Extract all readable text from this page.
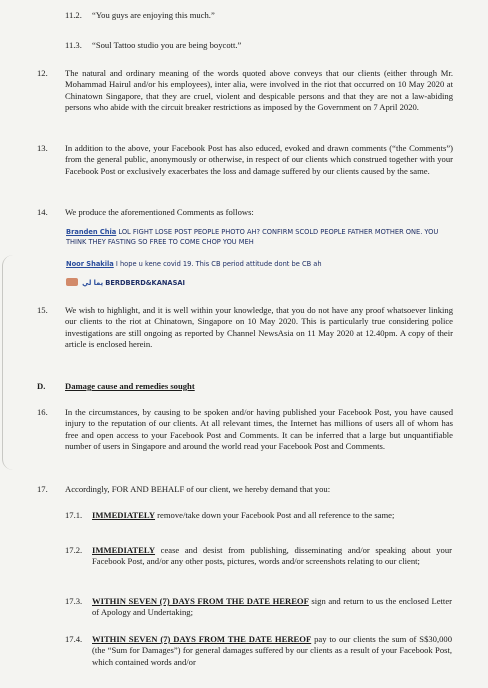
11.2. “You guys are enjoying this much.”
11.3. “Soul Tattoo studio you are being boycott.”
12. The natural and ordinary meaning of the words quoted above conveys that our clients (either through Mr. Mohammad Hairul and/or his employees), inter alia, were involved in the riot that occurred on 10 May 2020 at Chinatown Singapore, that they are cruel, violent and despicable persons and that they are not a law-abiding persons who abide with the circuit breaker restrictions as imposed by the Government on 7 April 2020.
13. In addition to the above, your Facebook Post has also educed, evoked and drawn comments (“the Comments”) from the general public, anonymously or otherwise, in respect of our clients which construed together with your Facebook Post or exclusively exacerbates the loss and damage suffered by our clients caused by the same.
14. We produce the aforementioned Comments as follows:
Branden Chia LOL FIGHT LOSE POST PEOPLE PHOTO AH? CONFIRM SCOLD PEOPLE FATHER MOTHER ONE. YOU THINK THEY FASTING SO FREE TO COME CHOP YOU MEH
Noor Shakila I hope u kene covid 19. This CB period attitude dont be CB ah
يما لي BERDBERD&KANASAI
15. We wish to highlight, and it is well within your knowledge, that you do not have any proof whatsoever linking our clients to the riot at Chinatown, Singapore on 10 May 2020. This is particularly true considering police investigations are still ongoing as reported by Channel NewsAsia on 11 May 2020 at 12.40pm. A copy of their article is enclosed herein.
D. Damage cause and remedies sought
16. In the circumstances, by causing to be spoken and/or having published your Facebook Post, you have caused injury to the reputation of our clients. At all relevant times, the Internet has millions of users all of whom has free and open access to your Facebook Post and Comments. It can be inferred that a large but unquantifiable number of users in Singapore and around the world read your Facebook Post and Comments.
17. Accordingly, FOR AND BEHALF of our client, we hereby demand that you:
17.1. IMMEDIATELY remove/take down your Facebook Post and all reference to the same;
17.2. IMMEDIATELY cease and desist from publishing, disseminating and/or speaking about your Facebook Post, and/or any other posts, pictures, words and/or screenshots relating to our client;
17.3. WITHIN SEVEN (7) DAYS FROM THE DATE HEREOF sign and return to us the enclosed Letter of Apology and Undertaking;
17.4. WITHIN SEVEN (7) DAYS FROM THE DATE HEREOF pay to our clients the sum of S$30,000 (the “Sum for Damages”) for general damages suffered by our clients as a result of your Facebook Post, which contained words and/or
